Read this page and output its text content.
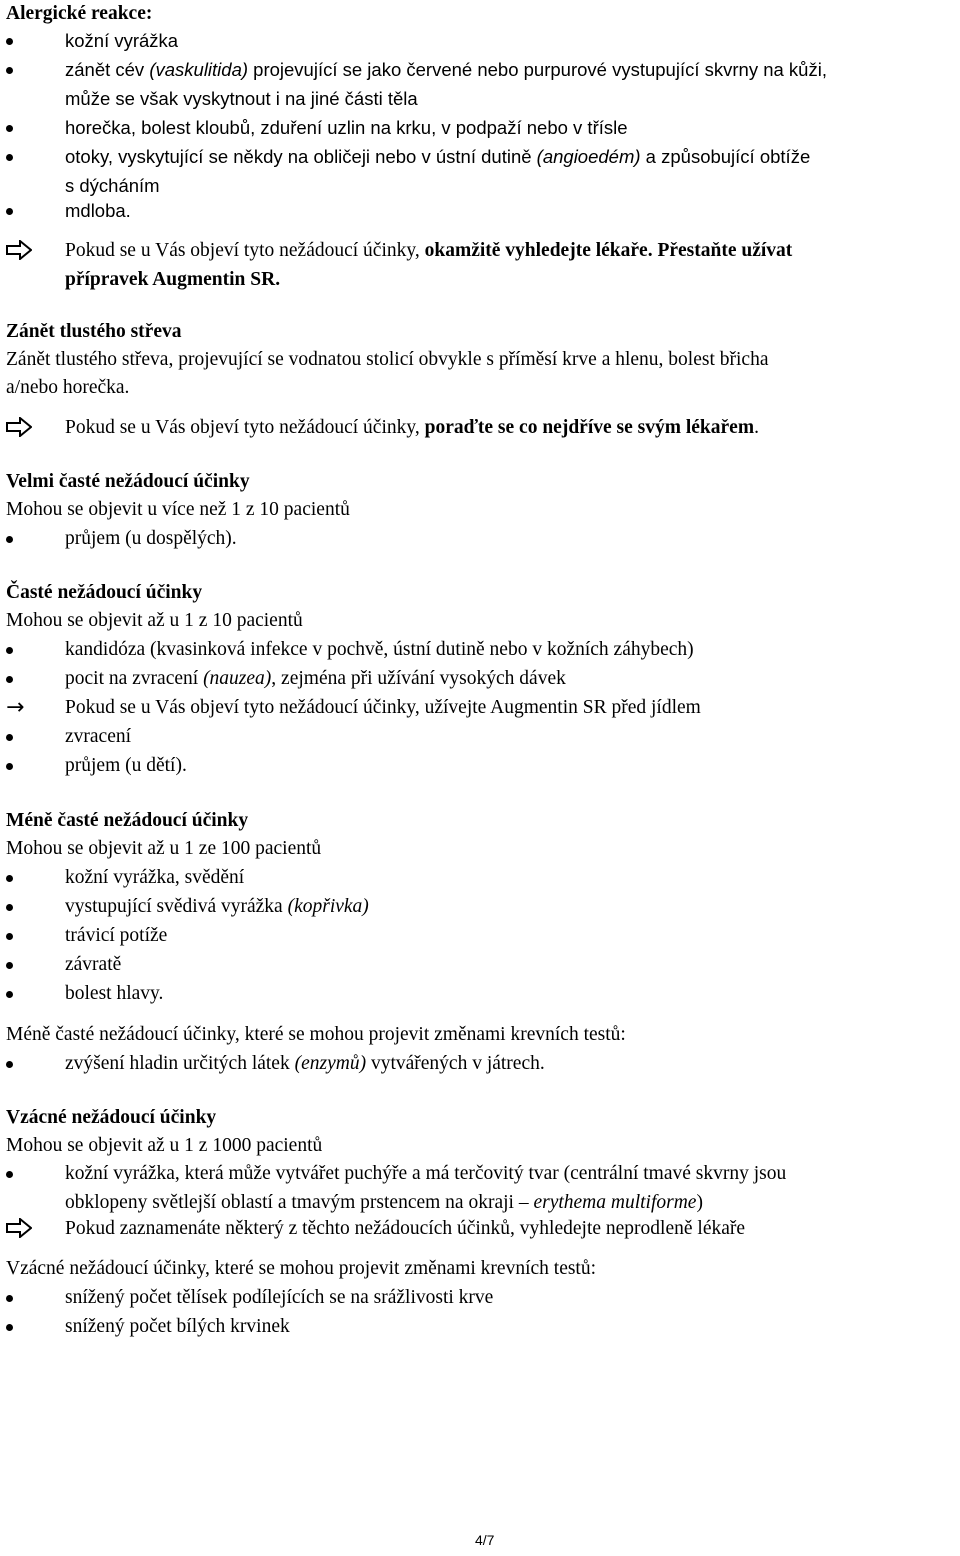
Alergické reakce:
kožní vyrážka
zánět cév (vaskulitida) projevující se jako červené nebo purpurové vystupující skvrny na kůži,
může se však vyskytnout i na jiné části těla
horečka, bolest kloubů, zduření uzlin na krku, v podpaží nebo v třísle
otoky, vyskytující se někdy na obličeji nebo v ústní dutině (angioedém) a způsobující obtíže
s dýcháním
mdloba.
Pokud se u Vás objeví tyto nežádoucí účinky, okamžitě vyhledejte lékaře. Přestaňte užívat
přípravek Augmentin SR.
Zánět tlustého střeva
Zánět tlustého střeva, projevující se vodnatou stolicí obvykle s příměsí krve a hlenu, bolest břicha
a/nebo horečka.
Pokud se u Vás objeví tyto nežádoucí účinky, poraďte se co nejdříve se svým lékařem.
Velmi časté nežádoucí účinky
Mohou se objevit u více než 1 z 10 pacientů
průjem (u dospělých).
Časté nežádoucí účinky
Mohou se objevit až u 1 z 10 pacientů
kandidóza (kvasinková infekce v pochvě, ústní dutině nebo v kožních záhybech)
pocit na zvracení (nauzea), zejména při užívání vysokých dávek
→ Pokud se u Vás objeví tyto nežádoucí účinky, užívejte Augmentin SR před jídlem
zvracení
průjem (u dětí).
Méně časté nežádoucí účinky
Mohou se objevit až u 1 ze 100 pacientů
kožní vyrážka, svědění
vystupující svědivá vyrážka (kopřivka)
trávicí potíže
závratě
bolest hlavy.
Méně časté nežádoucí účinky, které se mohou projevit změnami krevních testů:
zvýšení hladin určitých látek (enzymů) vytvářených v játrech.
Vzácné nežádoucí účinky
Mohou se objevit až u 1 z 1000 pacientů
kožní vyrážka, která může vytvářet puchýře a má terčovitý tvar (centrální tmavé skvrny jsou
obklopeny světlejší oblastí a tmavým prstencem na okraji – erythema multiforme)
Pokud zaznamenáte některý z těchto nežádoucích účinků, vyhledejte neprodleně lékaře
Vzácné nežádoucí účinky, které se mohou projevit změnami krevních testů:
snížený počet tělísek podílejících se na srážlivosti krve
snížený počet bílých krvinek
4/7
